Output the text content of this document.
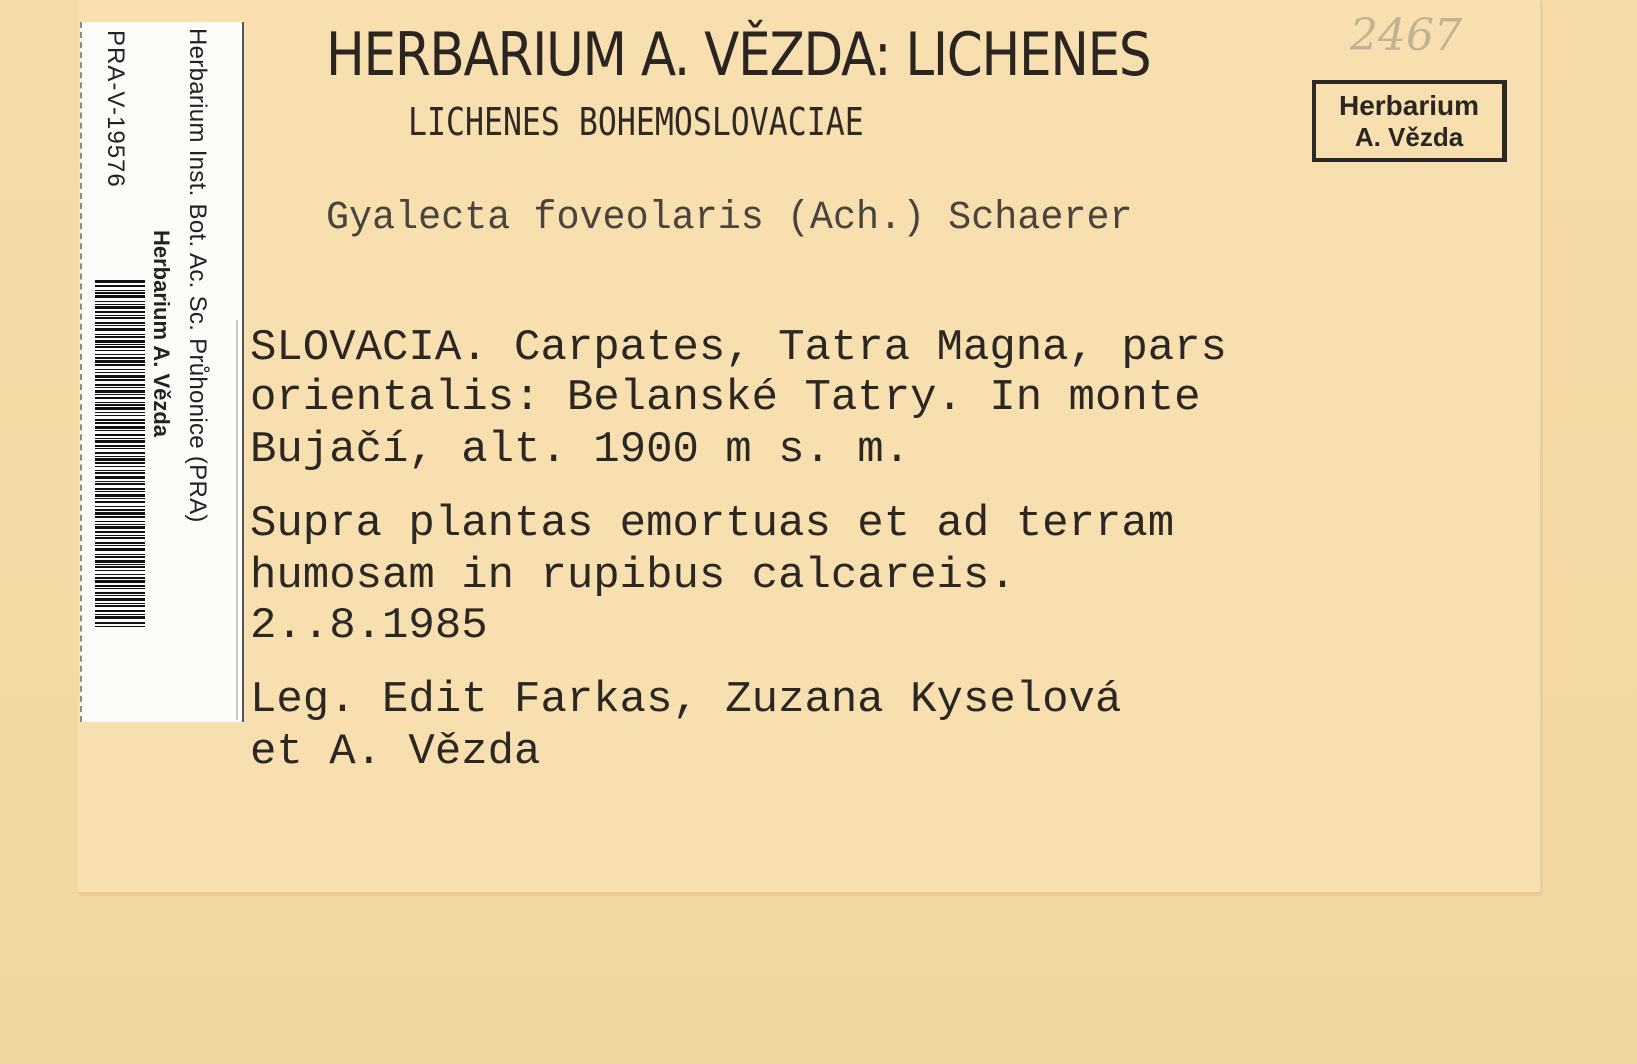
Herbarium Inst. Bot. Ac. Sc. Průhonice (PRA)
Herbarium A. Vězda
PRA-V-19576	HERBARIUM A. VĚZDA: LICHENES
LICHENES BOHEMOSLOVACIAE
Gyalecta foveolaris (Ach.) Schaerer
2467
Herbarium
A. Vězda
SLOVACIA. Carpates, Tatra Magna, pars
orientalis: Belanské Tatry. In monte
Bujačí, alt. 1900 m s. m.
Supra plantas emortuas et ad terram
humosam in rupibus calcareis.
2..8.1985
Leg. Edit Farkas, Zuzana Kyselová
et A. Vězda
